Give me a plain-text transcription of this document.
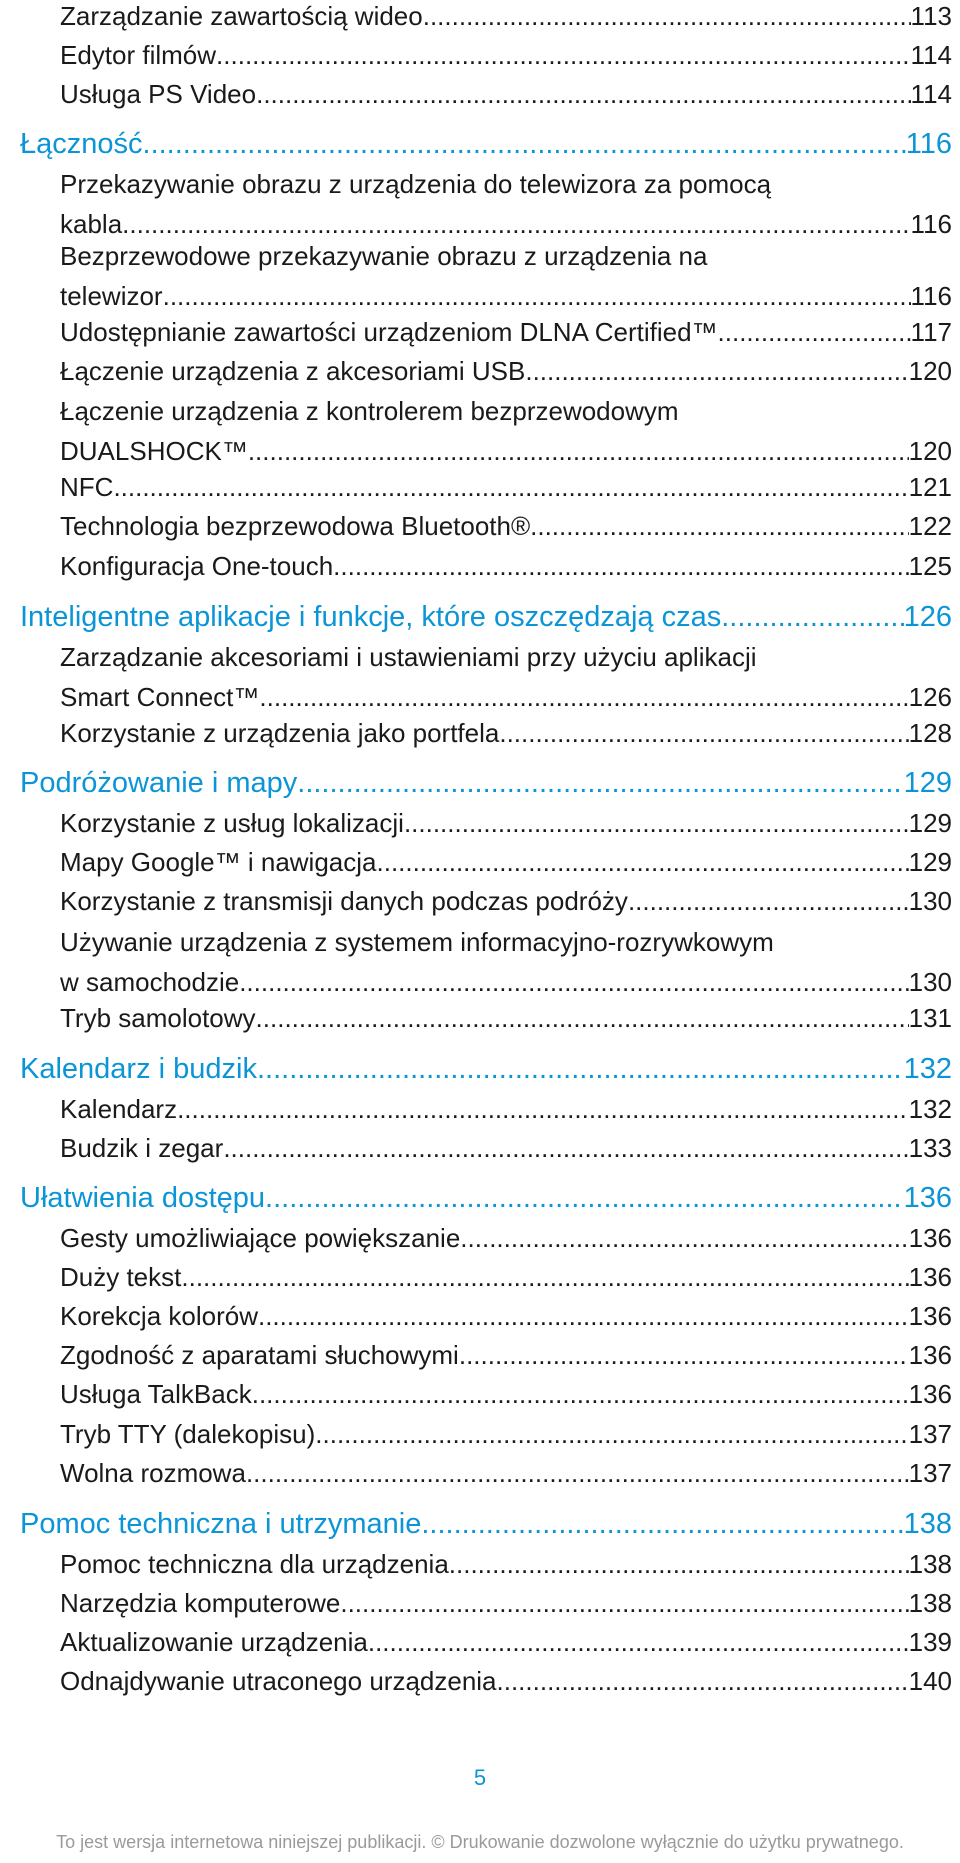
Zarządzanie zawartością wideo .....	113
Edytor filmów .....	114
Usługa PS Video .....	114
Łączność .....	116
Przekazywanie obrazu z urządzenia do telewizora za pomocą
kabla .....	116
Bezprzewodowe przekazywanie obrazu z urządzenia na
telewizor .....	116
Udostępnianie zawartości urządzeniom DLNA Certified™ .....	117
Łączenie urządzenia z akcesoriami USB .....	120
Łączenie urządzenia z kontrolerem bezprzewodowym
DUALSHOCK™ .....	120
NFC .....	121
Technologia bezprzewodowa Bluetooth® .....	122
Konfiguracja One-touch .....	125
Inteligentne aplikacje i funkcje, które oszczędzają czas .....	126
Zarządzanie akcesoriami i ustawieniami przy użyciu aplikacji
Smart Connect™ .....	126
Korzystanie z urządzenia jako portfela .....	128
Podróżowanie i mapy .....	129
Korzystanie z usług lokalizacji .....	129
Mapy Google™ i nawigacja .....	129
Korzystanie z transmisji danych podczas podróży .....	130
Używanie urządzenia z systemem informacyjno-rozrywkowym
w samochodzie .....	130
Tryb samolotowy .....	131
Kalendarz i budzik .....	132
Kalendarz .....	132
Budzik i zegar .....	133
Ułatwienia dostępu .....	136
Gesty umożliwiające powiększanie .....	136
Duży tekst .....	136
Korekcja kolorów .....	136
Zgodność z aparatami słuchowymi .....	136
Usługa TalkBack .....	136
Tryb TTY (dalekopisu) .....	137
Wolna rozmowa .....	137
Pomoc techniczna i utrzymanie .....	138
Pomoc techniczna dla urządzenia .....	138
Narzędzia komputerowe .....	138
Aktualizowanie urządzenia .....	139
Odnajdywanie utraconego urządzenia .....	140
5
To jest wersja internetowa niniejszej publikacji. © Drukowanie dozwolone wyłącznie do użytku prywatnego.
